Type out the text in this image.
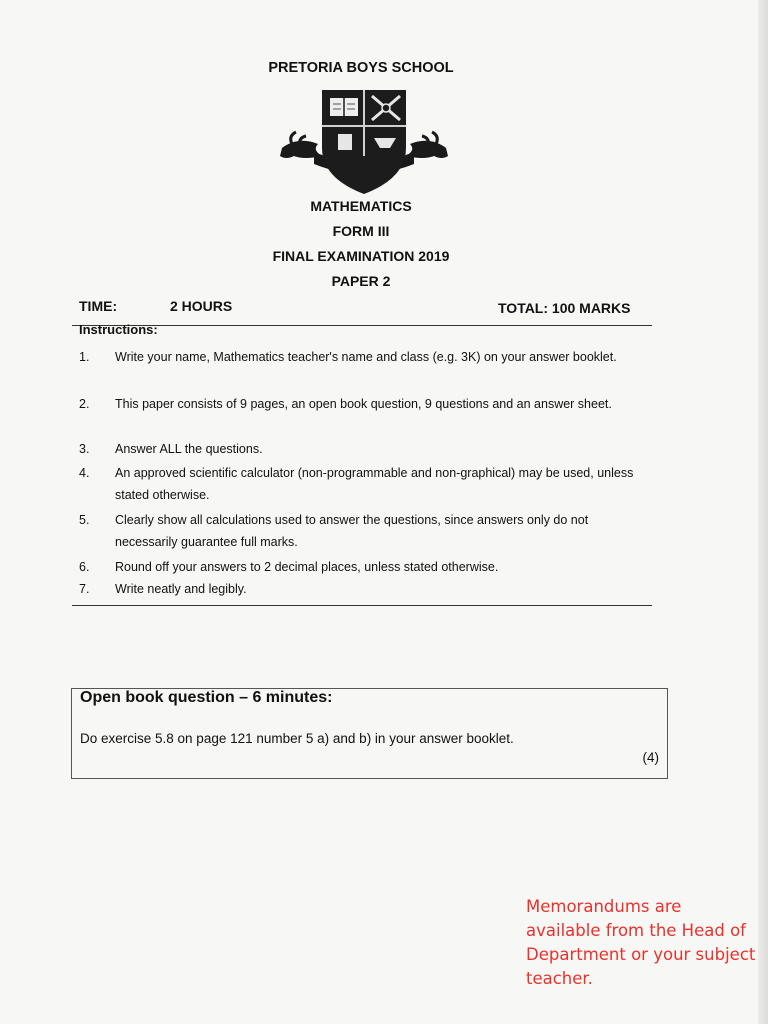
PRETORIA BOYS SCHOOL
MATHEMATICS
FORM III
FINAL EXAMINATION 2019
PAPER 2
TIME:	2 HOURS	TOTAL: 100 MARKS
Instructions:
1. Write your name, Mathematics teacher's name and class (e.g. 3K) on your answer booklet.
2. This paper consists of 9 pages, an open book question, 9 questions and an answer sheet.
3. Answer ALL the questions.
4. An approved scientific calculator (non-programmable and non-graphical) may be used, unless stated otherwise.
5. Clearly show all calculations used to answer the questions, since answers only do not necessarily guarantee full marks.
6. Round off your answers to 2 decimal places, unless stated otherwise.
7. Write neatly and legibly.
Open book question – 6 minutes:
Do exercise 5.8 on page 121 number 5 a) and b) in your answer booklet.
(4)
Memorandums are available from the Head of Department or your subject teacher.
